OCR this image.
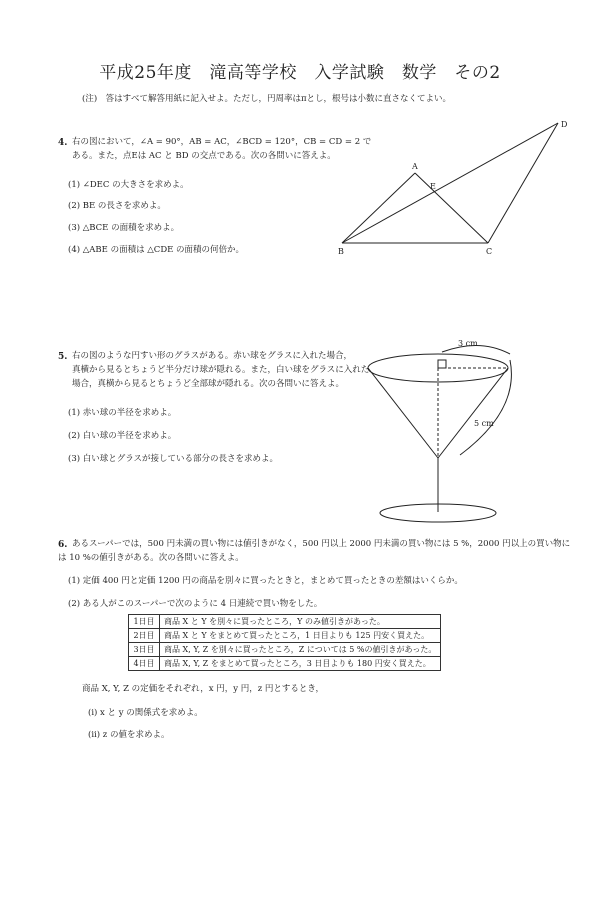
平成25年度　滝高等学校　入学試験　数学　その2
(注)　答はすべて解答用紙に記入せよ。ただし，円周率はπとし，根号は小数に直さなくてよい。
4. 右の図において，∠A = 90°，AB = AC，∠BCD = 120°，CB = CD = 2 で
ある。また，点Eは AC と BD の交点である。次の各問いに答えよ。
(1) ∠DEC の大きさを求めよ。
(2) BE の長さを求めよ。
(3) △BCE の面積を求めよ。
(4) △ABE の面積は △CDE の面積の何倍か。
A
B	C
D
E
5. 右の図のような円すい形のグラスがある。赤い球をグラスに入れた場合，
真横から見るとちょうど半分だけ球が隠れる。また，白い球をグラスに入れた
場合，真横から見るとちょうど全部球が隠れる。次の各問いに答えよ。
(1) 赤い球の半径を求めよ。
(2) 白い球の半径を求めよ。
(3) 白い球とグラスが接している部分の長さを求めよ。
3 cm
5 cm
6. あるスーパーでは，500 円未満の買い物には値引きがなく，500 円以上 2000 円未満の買い物には 5 %，2000 円以上の買い物に
は 10 %の値引きがある。次の各問いに答えよ。
(1) 定価 400 円と定価 1200 円の商品を別々に買ったときと，まとめて買ったときの差額はいくらか。
(2) ある人がこのスーパーで次のように 4 日連続で買い物をした。
1日目	商品 X と Y を別々に買ったところ，Y のみ値引きがあった。
2日目	商品 X と Y をまとめて買ったところ，1 日目よりも 125 円安く買えた。
3日目	商品 X, Y, Z を別々に買ったところ，Z については 5 %の値引きがあった。
4日目	商品 X, Y, Z をまとめて買ったところ，3 日目よりも 180 円安く買えた。
商品 X, Y, Z の定価をそれぞれ，x 円，y 円，z 円とするとき，
(i) x と y の関係式を求めよ。
(ii) z の値を求めよ。
